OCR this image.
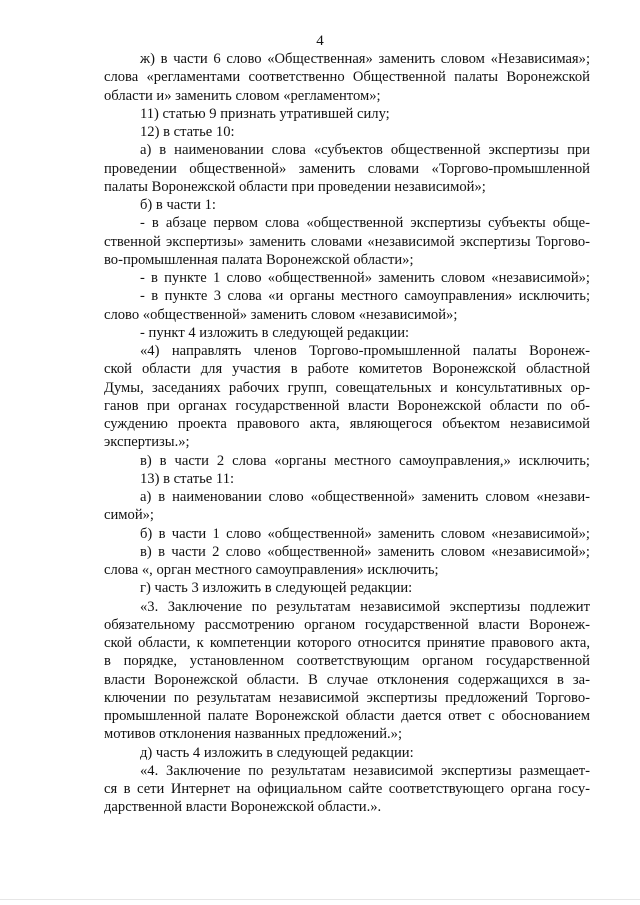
4
ж) в части 6 слово «Общественная» заменить словом «Независимая»;
слова «регламентами соответственно Общественной палаты Воронежской
области и» заменить словом «регламентом»;
11) статью 9 признать утратившей силу;
12) в статье 10:
а) в наименовании слова «субъектов общественной экспертизы при
проведении общественной» заменить словами «Торгово-промышленной
палаты Воронежской области при проведении независимой»;
б) в части 1:
- в абзаце первом слова «общественной экспертизы субъекты обще-
ственной экспертизы» заменить словами «независимой экспертизы Торгово-
во-промышленная палата Воронежской области»;
- в пункте 1 слово «общественной» заменить словом «независимой»;
- в пункте 3 слова «и органы местного самоуправления» исключить;
слово «общественной» заменить словом «независимой»;
- пункт 4 изложить в следующей редакции:
«4) направлять членов Торгово-промышленной палаты Воронеж-
ской области для участия в работе комитетов Воронежской областной
Думы, заседаниях рабочих групп, совещательных и консультативных ор-
ганов при органах государственной власти Воронежской области по об-
суждению проекта правового акта, являющегося объектом независимой
экспертизы.»;
в) в части 2 слова «органы местного самоуправления,» исключить;
13) в статье 11:
а) в наименовании слово «общественной» заменить словом «незави-
симой»;
б) в части 1 слово «общественной» заменить словом «независимой»;
в) в части 2 слово «общественной» заменить словом «независимой»;
слова «, орган местного самоуправления» исключить;
г) часть 3 изложить в следующей редакции:
«3. Заключение по результатам независимой экспертизы подлежит
обязательному рассмотрению органом государственной власти Воронеж-
ской области, к компетенции которого относится принятие правового акта,
в порядке, установленном соответствующим органом государственной
власти Воронежской области. В случае отклонения содержащихся в за-
ключении по результатам независимой экспертизы предложений Торгово-
промышленной палате Воронежской области дается ответ с обоснованием
мотивов отклонения названных предложений.»;
д) часть 4 изложить в следующей редакции:
«4. Заключение по результатам независимой экспертизы размещает-
ся в сети Интернет на официальном сайте соответствующего органа госу-
дарственной власти Воронежской области.».
